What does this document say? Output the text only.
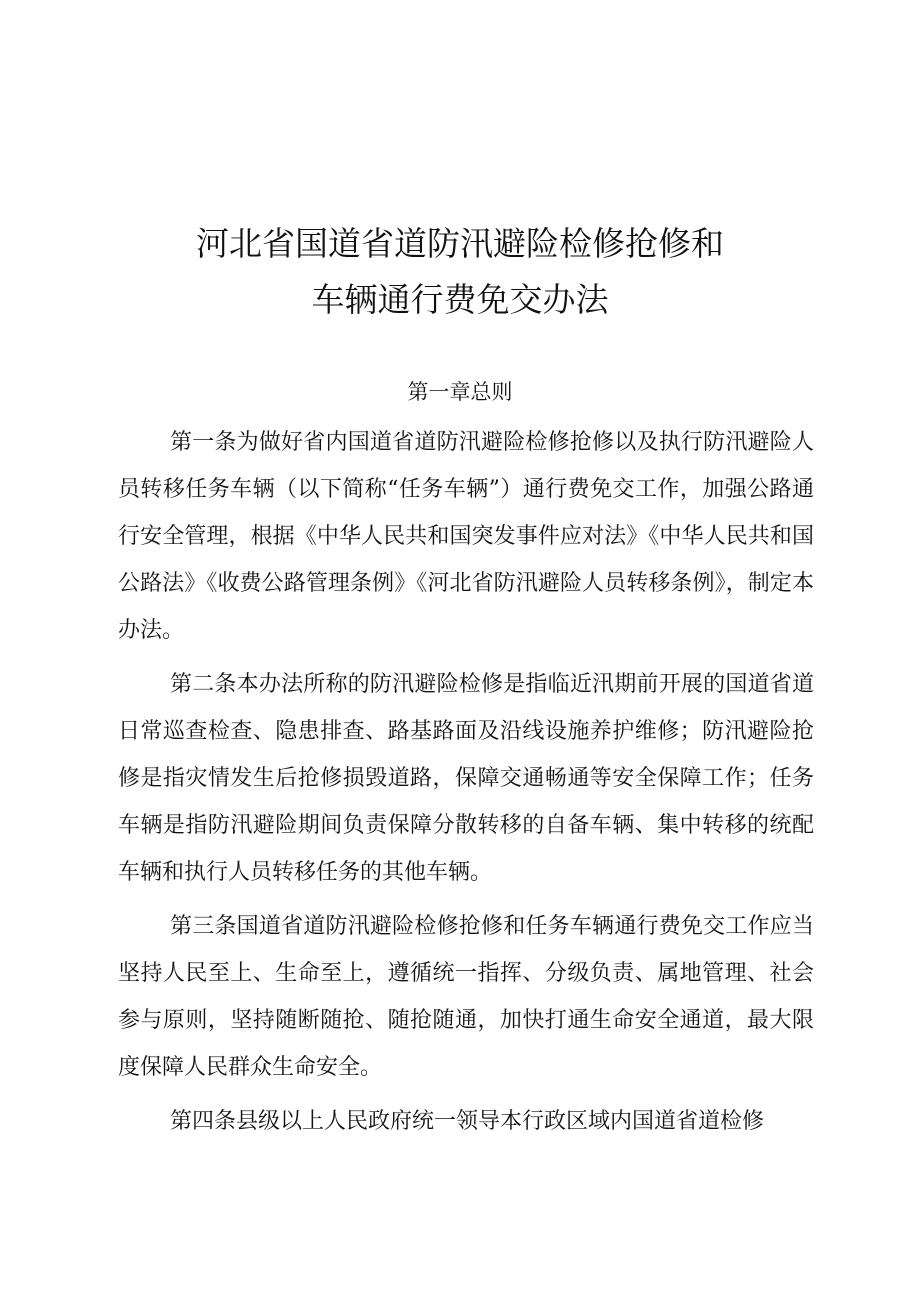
河北省国道省道防汛避险检修抢修和
车辆通行费免交办法
第一章总则

第一条为做好省内国道省道防汛避险检修抢修以及执行防汛避险人员转移任务车辆（以下简称“任务车辆”）通行费免交工作，加强公路通行安全管理，根据《中华人民共和国突发事件应对法》《中华人民共和国公路法》《收费公路管理条例》《河北省防汛避险人员转移条例》，制定本办法。

第二条本办法所称的防汛避险检修是指临近汛期前开展的国道省道日常巡查检查、隐患排查、路基路面及沿线设施养护维修；防汛避险抢修是指灾情发生后抢修损毁道路，保障交通畅通等安全保障工作；任务车辆是指防汛避险期间负责保障分散转移的自备车辆、集中转移的统配车辆和执行人员转移任务的其他车辆。

第三条国道省道防汛避险检修抢修和任务车辆通行费免交工作应当坚持人民至上、生命至上，遵循统一指挥、分级负责、属地管理、社会参与原则，坚持随断随抢、随抢随通，加快打通生命安全通道，最大限度保障人民群众生命安全。

第四条县级以上人民政府统一领导本行政区域内国道省道检修
